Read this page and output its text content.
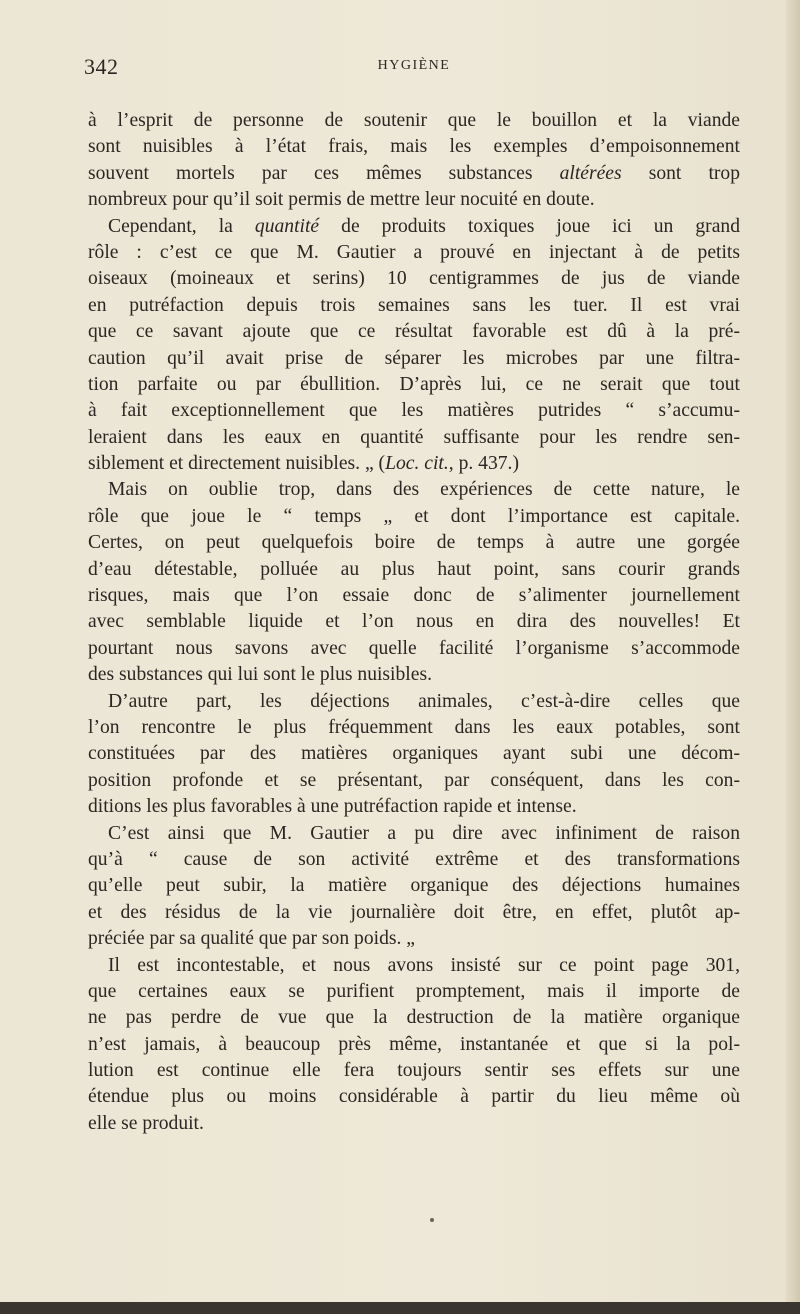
342	HYGIÈNE
à l’esprit de personne de soutenir que le bouillon et la viande
sont nuisibles à l’état frais, mais les exemples d’empoisonnement
souvent mortels par ces mêmes substances altérées sont trop
nombreux pour qu’il soit permis de mettre leur nocuité en doute.
Cependant, la quantité de produits toxiques joue ici un grand
rôle : c’est ce que M. Gautier a prouvé en injectant à de petits
oiseaux (moineaux et serins) 10 centigrammes de jus de viande
en putréfaction depuis trois semaines sans les tuer. Il est vrai
que ce savant ajoute que ce résultat favorable est dû à la pré-
caution qu’il avait prise de séparer les microbes par une filtra-
tion parfaite ou par ébullition. D’après lui, ce ne serait que tout
à fait exceptionnellement que les matières putrides “ s’accumu-
leraient dans les eaux en quantité suffisante pour les rendre sen-
siblement et directement nuisibles. „ (Loc. cit., p. 437.)
Mais on oublie trop, dans des expériences de cette nature, le
rôle que joue le “ temps „ et dont l’importance est capitale.
Certes, on peut quelquefois boire de temps à autre une gorgée
d’eau détestable, polluée au plus haut point, sans courir grands
risques, mais que l’on essaie donc de s’alimenter journellement
avec semblable liquide et l’on nous en dira des nouvelles! Et
pourtant nous savons avec quelle facilité l’organisme s’accommode
des substances qui lui sont le plus nuisibles.
D’autre part, les déjections animales, c’est-à-dire celles que
l’on rencontre le plus fréquemment dans les eaux potables, sont
constituées par des matières organiques ayant subi une décom-
position profonde et se présentant, par conséquent, dans les con-
ditions les plus favorables à une putréfaction rapide et intense.
C’est ainsi que M. Gautier a pu dire avec infiniment de raison
qu’à “ cause de son activité extrême et des transformations
qu’elle peut subir, la matière organique des déjections humaines
et des résidus de la vie journalière doit être, en effet, plutôt ap-
préciée par sa qualité que par son poids. „
Il est incontestable, et nous avons insisté sur ce point page 301,
que certaines eaux se purifient promptement, mais il importe de
ne pas perdre de vue que la destruction de la matière organique
n’est jamais, à beaucoup près même, instantanée et que si la pol-
lution est continue elle fera toujours sentir ses effets sur une
étendue plus ou moins considérable à partir du lieu même où
elle se produit.
